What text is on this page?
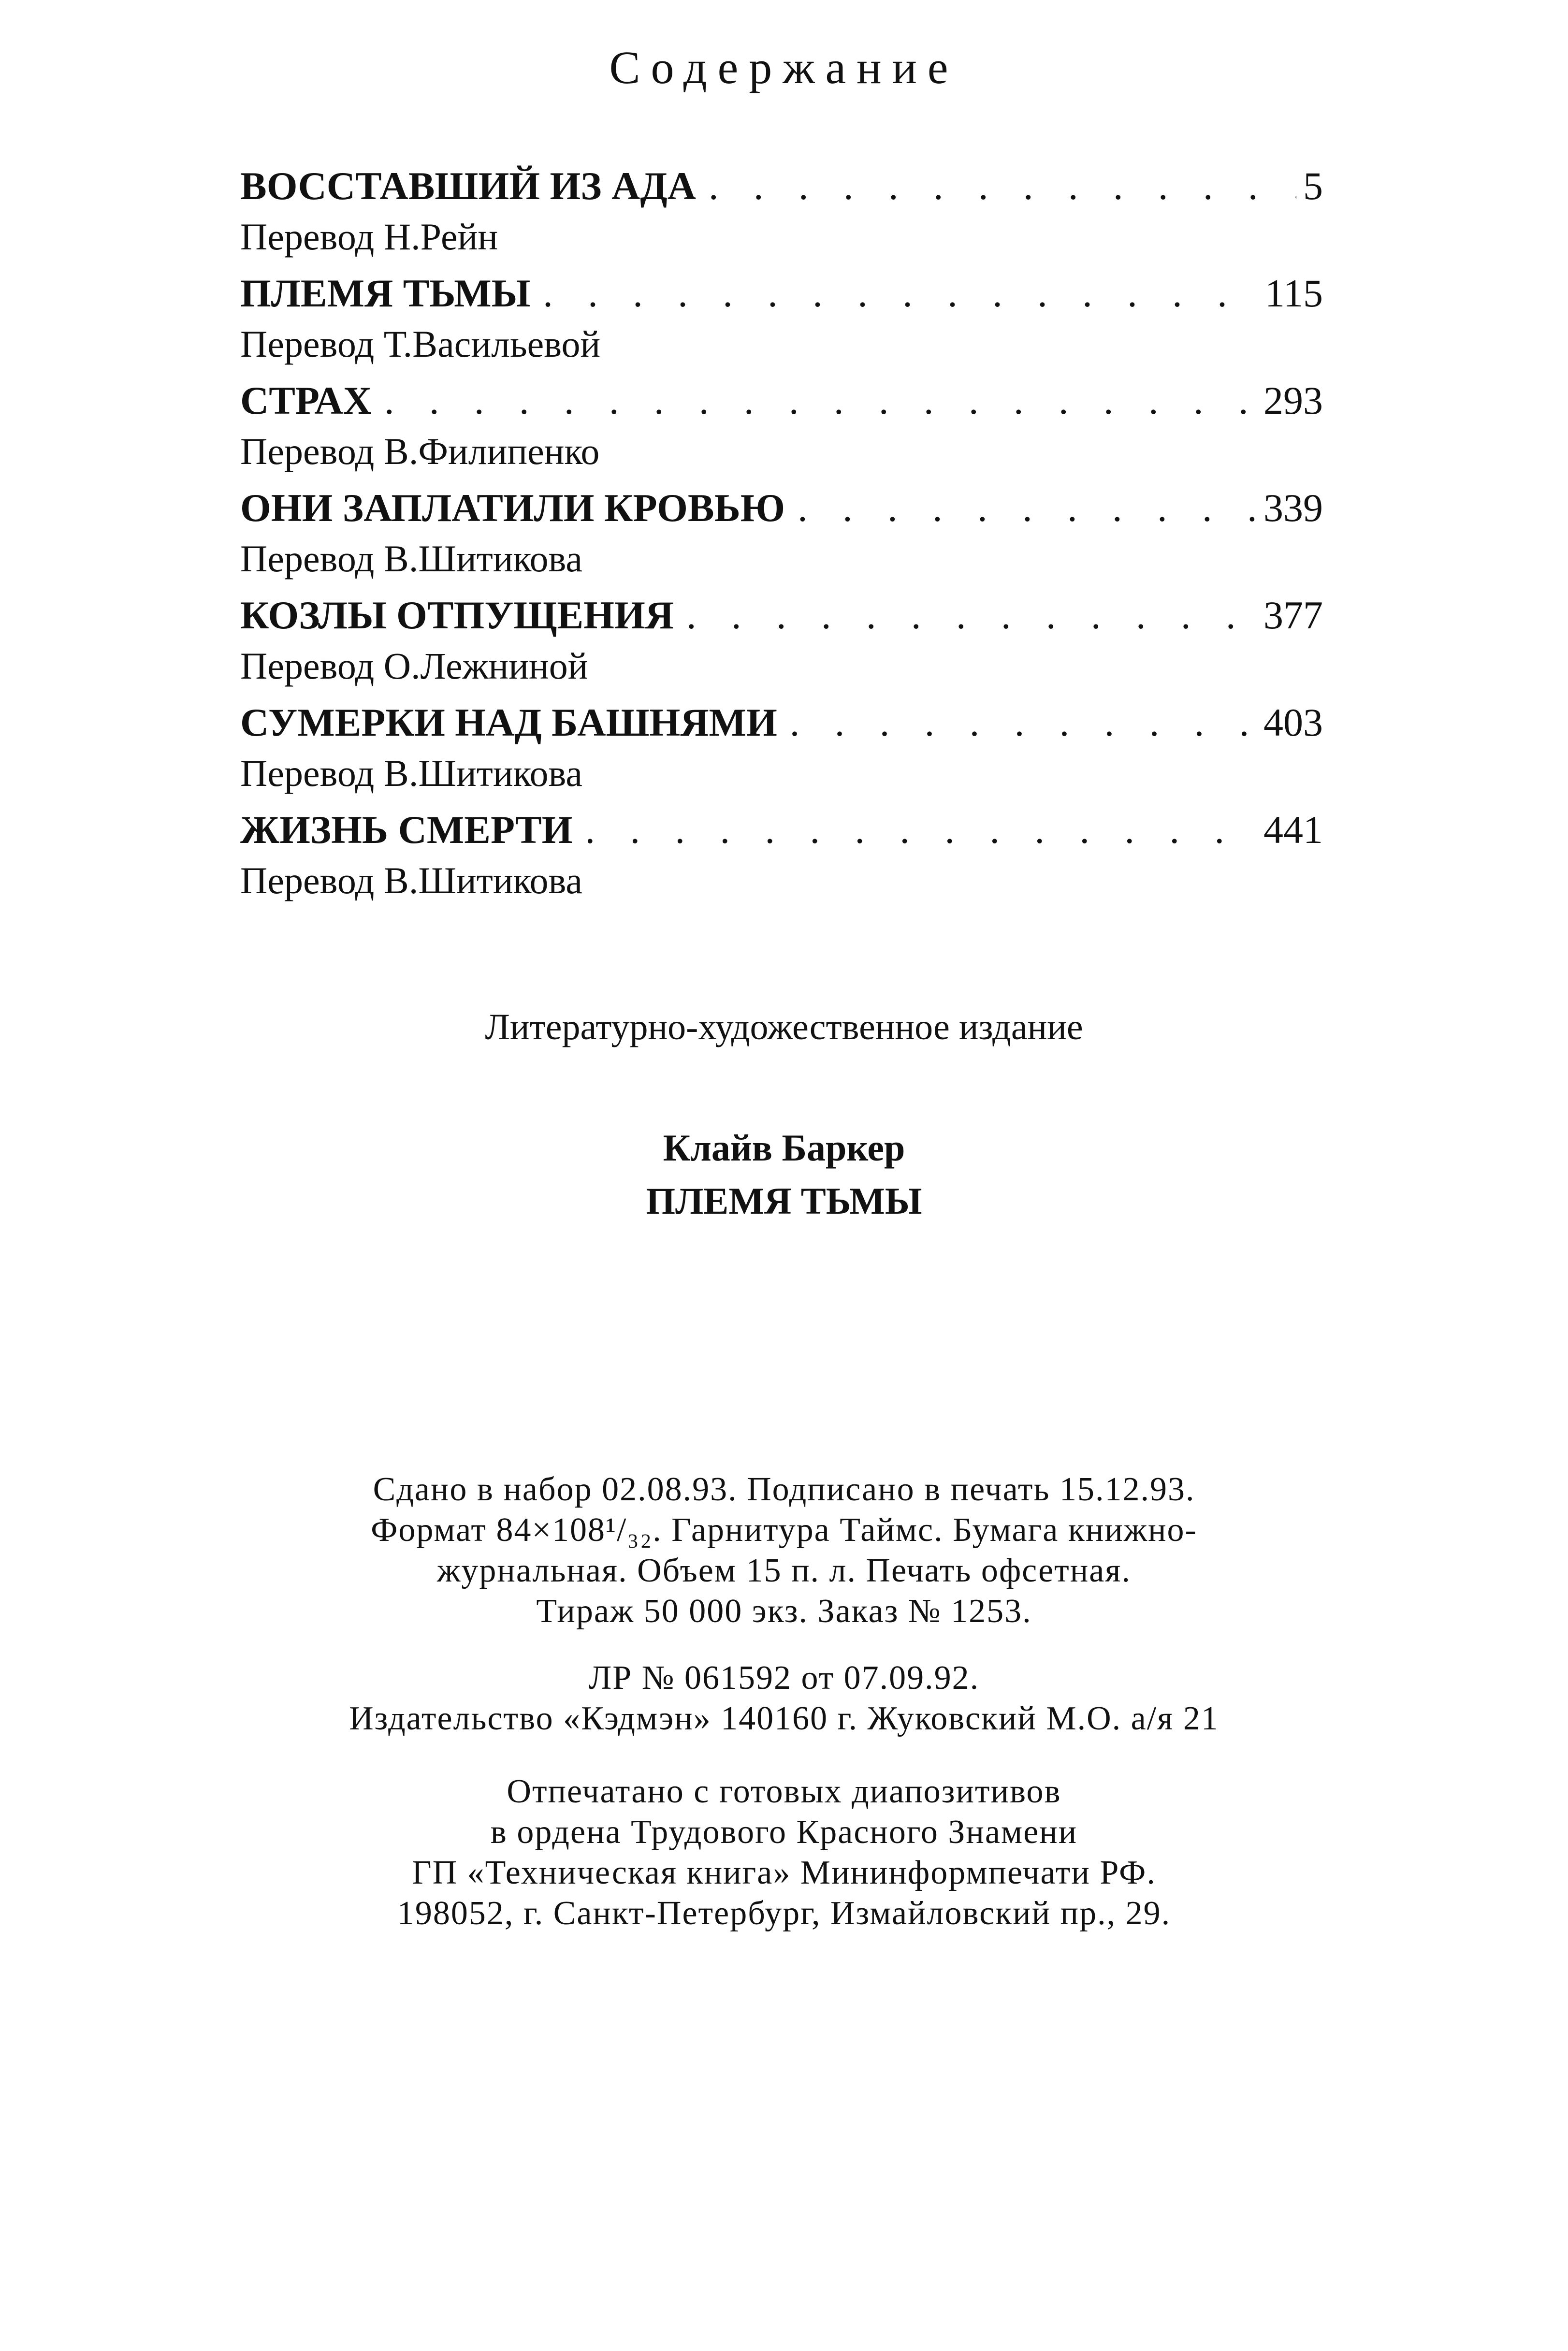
Содержание
ВОССТАВШИЙ ИЗ АДА . . .	5
Перевод Н.Рейн
ПЛЕМЯ ТЬМЫ . . .	115
Перевод Т.Васильевой
СТРАХ . . .	293
Перевод В.Филипенко
ОНИ ЗАПЛАТИЛИ КРОВЬЮ . . .	339
Перевод В.Шитикова
КОЗЛЫ ОТПУЩЕНИЯ . . .	377
Перевод О.Лежниной
СУМЕРКИ НАД БАШНЯМИ . . .	403
Перевод В.Шитикова
ЖИЗНЬ СМЕРТИ . . .	441
Перевод В.Шитикова
Литературно-художественное издание
Клайв Баркер
ПЛЕМЯ ТЬМЫ
Сдано в набор 02.08.93. Подписано в печать 15.12.93.
Формат 84×108¹/₃₂. Гарнитура Таймс. Бумага книжно-
журнальная. Объем 15 п. л. Печать офсетная.
Тираж 50 000 экз. Заказ № 1253.
ЛР № 061592 от 07.09.92.
Издательство «Кэдмэн» 140160 г. Жуковский М.О. а/я 21
Отпечатано с готовых диапозитивов
в ордена Трудового Красного Знамени
ГП «Техническая книга» Мининформпечати РФ.
198052, г. Санкт-Петербург, Измайловский пр., 29.
